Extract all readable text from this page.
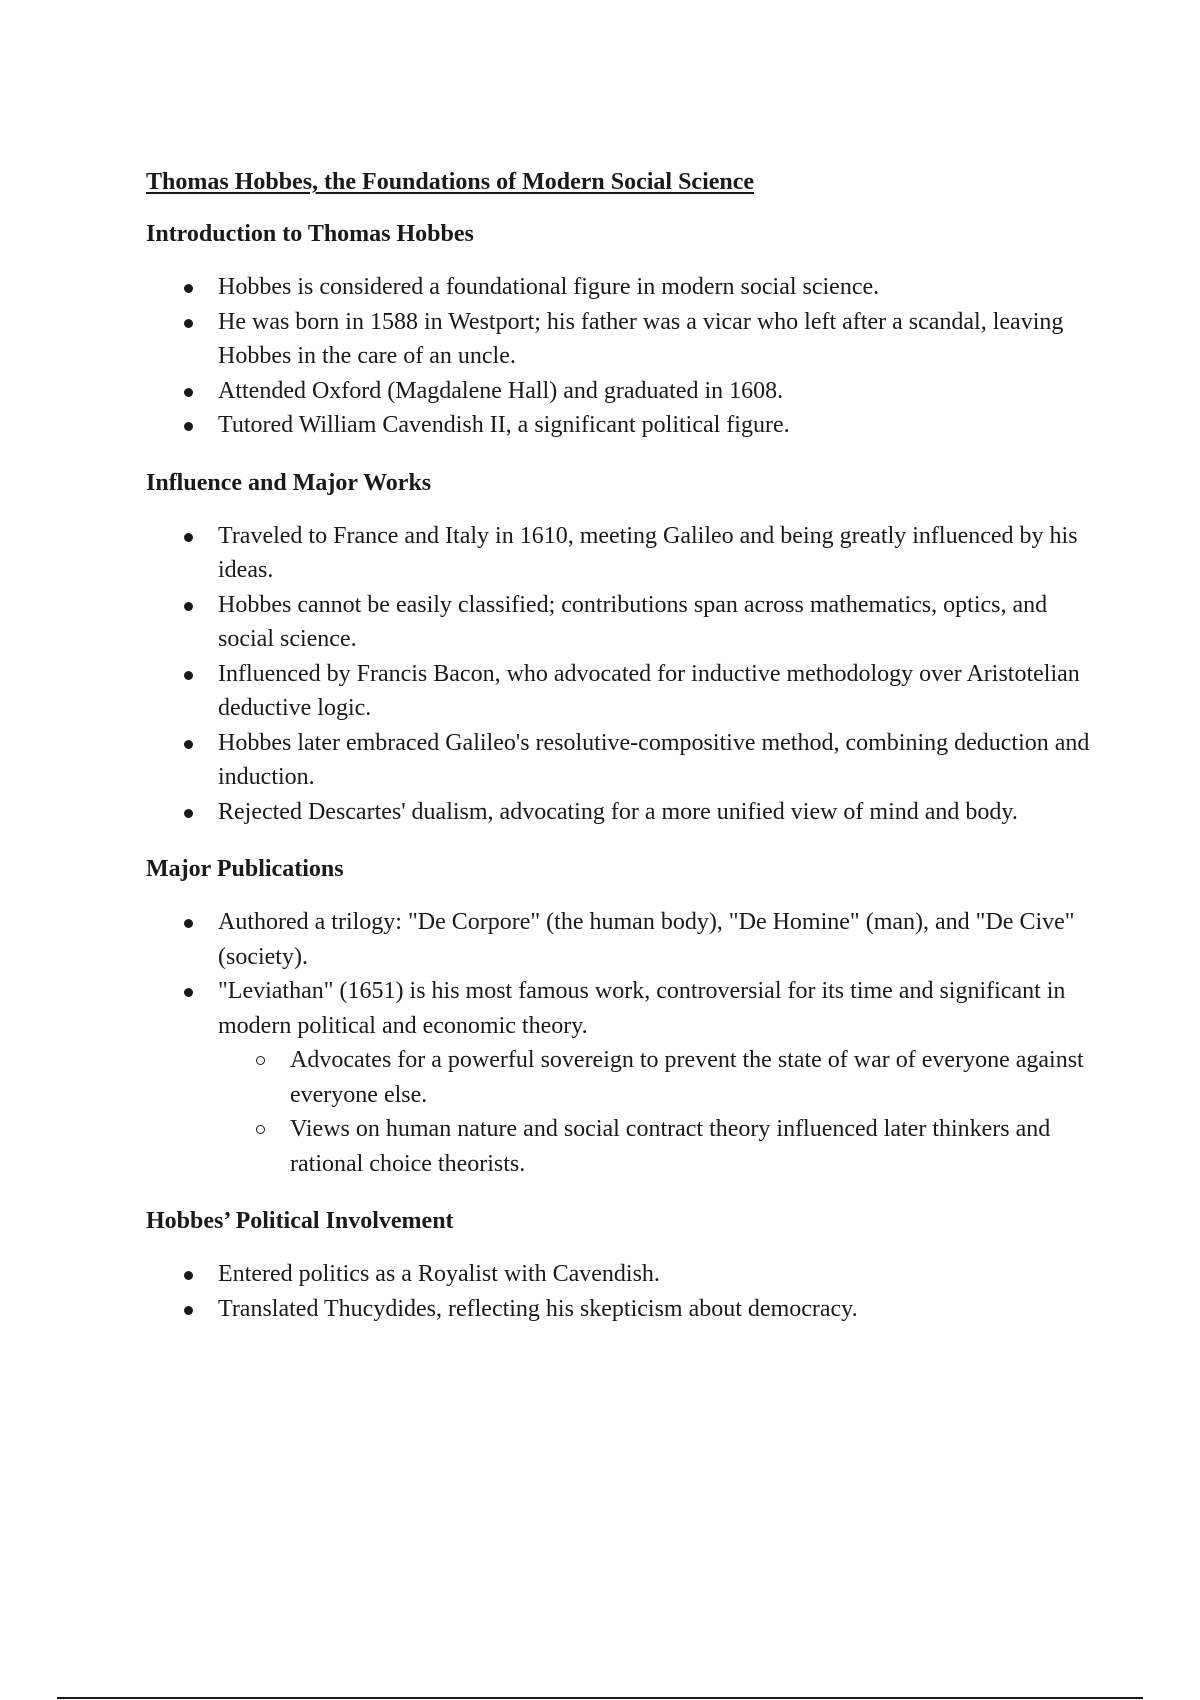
Thomas Hobbes, the Foundations of Modern Social Science
Introduction to Thomas Hobbes
Hobbes is considered a foundational figure in modern social science.
He was born in 1588 in Westport; his father was a vicar who left after a scandal, leaving Hobbes in the care of an uncle.
Attended Oxford (Magdalene Hall) and graduated in 1608.
Tutored William Cavendish II, a significant political figure.
Influence and Major Works
Traveled to France and Italy in 1610, meeting Galileo and being greatly influenced by his ideas.
Hobbes cannot be easily classified; contributions span across mathematics, optics, and social science.
Influenced by Francis Bacon, who advocated for inductive methodology over Aristotelian deductive logic.
Hobbes later embraced Galileo's resolutive-compositive method, combining deduction and induction.
Rejected Descartes' dualism, advocating for a more unified view of mind and body.
Major Publications
Authored a trilogy: "De Corpore" (the human body), "De Homine" (man), and "De Cive" (society).
"Leviathan" (1651) is his most famous work, controversial for its time and significant in modern political and economic theory.
Advocates for a powerful sovereign to prevent the state of war of everyone against everyone else.
Views on human nature and social contract theory influenced later thinkers and rational choice theorists.
Hobbes’ Political Involvement
Entered politics as a Royalist with Cavendish.
Translated Thucydides, reflecting his skepticism about democracy.
